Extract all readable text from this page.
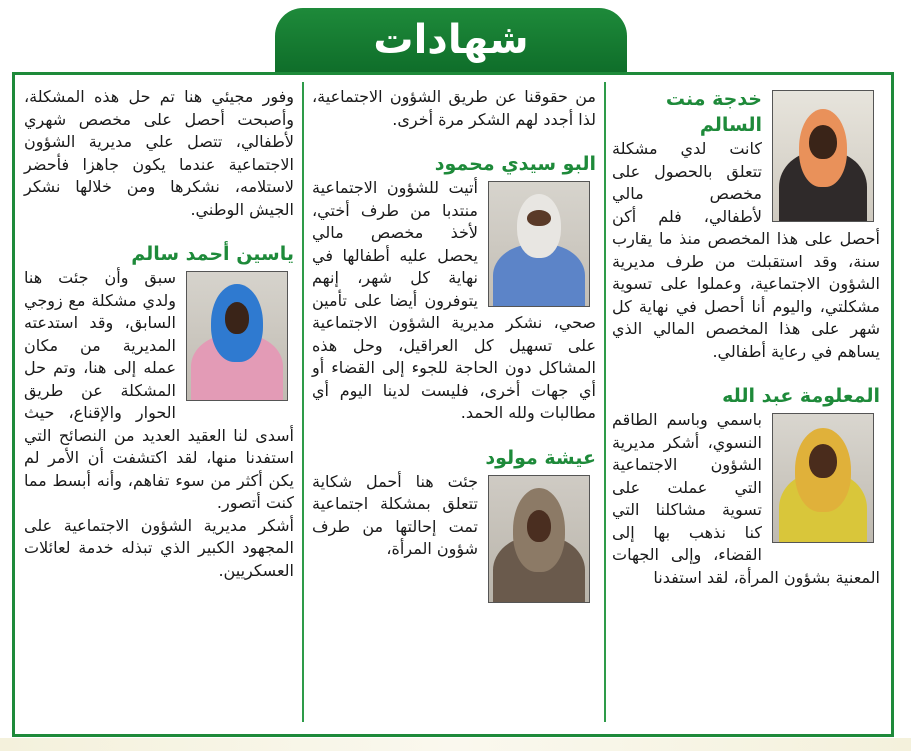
شهادات

خدجة منت

السالم

كانت لدي مشكلة تتعلق بالحصول على مخصص مالي لأطفالي، فلم أكن أحصل على هذا المخصص منذ ما يقارب سنة، وقد استقبلت من طرف مديرية الشؤون الاجتماعية، وعملوا على تسوية مشكلتي، واليوم أنا أحصل في نهاية كل شهر على هذا المخصص المالي الذي يساهم في رعاية أطفالي.

المعلومة عبد الله

باسمي وباسم الطاقم النسوي، أشكر مديرية الشؤون الاجتماعية التي عملت على تسوية مشاكلنا التي كنا نذهب بها إلى القضاء، وإلى الجهات المعنية بشؤون المرأة، لقد استفدنا

من حقوقنا عن طريق الشؤون الاجتماعية، لذا أجدد لهم الشكر مرة أخرى.

البو سيدي محمود

أتيت للشؤون الاجتماعية منتدبا من طرف أختي، لأخذ مخصص مالي يحصل عليه أطفالها في نهاية كل شهر، إنهم يتوفرون أيضا على تأمين صحي، نشكر مديرية الشؤون الاجتماعية على تسهيل كل العراقيل، وحل هذه المشاكل دون الحاجة للجوء إلى القضاء أو أي جهات أخرى، فليست لدينا اليوم أي مطالبات ولله الحمد.

عيشة مولود

جئت هنا أحمل شكاية تتعلق بمشكلة اجتماعية تمت إحالتها من طرف شؤون المرأة،

وفور مجيئي هنا تم حل هذه المشكلة، وأصبحت أحصل على مخصص شهري لأطفالي، تتصل علي مديرية الشؤون الاجتماعية عندما يكون جاهزا فأحضر لاستلامه، نشكرها ومن خلالها نشكر الجيش الوطني.

ياسين أحمد سالم

سبق وأن جئت هنا ولدي مشكلة مع زوجي السابق، وقد استدعته المديرية من مكان عمله إلى هنا، وتم حل المشكلة عن طريق الحوار والإقناع، حيث أسدى لنا العقيد العديد من النصائح التي استفدنا منها، لقد اكتشفت أن الأمر لم يكن أكثر من سوء تفاهم، وأنه أبسط مما كنت أتصور.

أشكر مديرية الشؤون الاجتماعية على المجهود الكبير الذي تبذله خدمة لعائلات العسكريين.
